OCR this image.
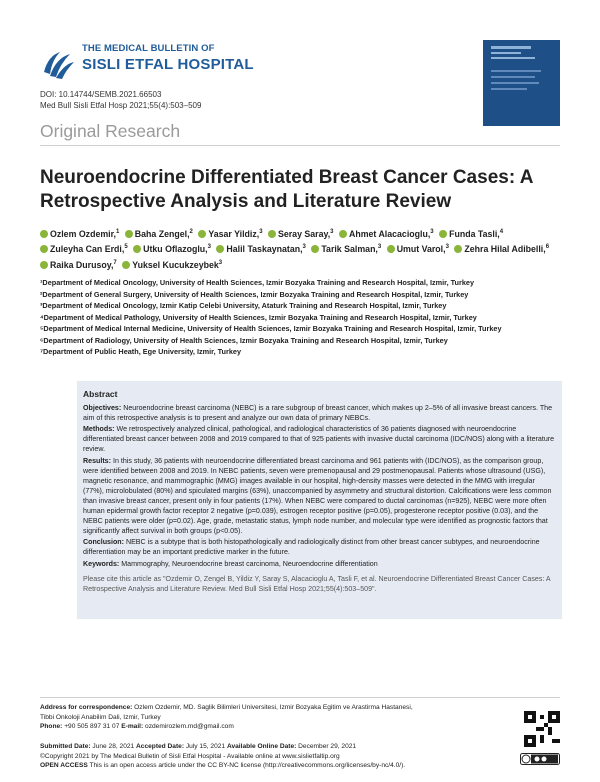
THE MEDICAL BULLETIN OF
SISLI ETFAL HOSPITAL
DOI: 10.14744/SEMB.2021.66503
Med Bull Sisli Etfal Hosp 2021;55(4):503–509
Original Research
Neuroendocrine Differentiated Breast Cancer Cases: A Retrospective Analysis and Literature Review
Ozlem Ozdemir,$^1$ Baha Zengel,$^2$ Yasar Yildiz,$^3$ Seray Saray,$^3$ Ahmet Alacacioglu,$^3$ Funda Tasli,$^4$ Zuleyha Can Erdi,$^5$ Utku Oflazoglu,$^3$ Halil Taskaynatan,$^3$ Tarik Salman,$^3$ Umut Varol,$^3$ Zehra Hilal Adibelli,$^6$ Raika Durusoy,$^7$ Yuksel Kucukzeybek$^3$
¹Department of Medical Oncology, University of Health Sciences, Izmir Bozyaka Training and Research Hospital, Izmir, Turkey
²Department of General Surgery, University of Health Sciences, Izmir Bozyaka Training and Research Hospital, Izmir, Turkey
³Department of Medical Oncology, Izmir Katip Celebi University, Ataturk Training and Research Hospital, Izmir, Turkey
⁴Department of Medical Pathology, University of Health Sciences, Izmir Bozyaka Training and Research Hospital, Izmir, Turkey
⁵Department of Medical Internal Medicine, University of Health Sciences, Izmir Bozyaka Training and Research Hospital, Izmir, Turkey
⁶Department of Radiology, University of Health Sciences, Izmir Bozyaka Training and Research Hospital, Izmir, Turkey
⁷Department of Public Heath, Ege University, Izmir, Turkey

Abstract

Objectives: Neuroendocrine breast carcinoma (NEBC) is a rare subgroup of breast cancer, which makes up 2–5% of all invasive breast cancers. The aim of this retrospective analysis is to present and analyze our own data of primary NEBCs.

Methods: We retrospectively analyzed clinical, pathological, and radiological characteristics of 36 patients diagnosed with neuroendocrine differentiated breast cancer between 2008 and 2019 compared to that of 925 patients with invasive ductal carcinoma (IDC/NOS) along with a literature review.

Results: In this study, 36 patients with neuroendocrine differentiated breast carcinoma and 961 patients with (IDC/NOS), as the comparison group, were identified between 2008 and 2019. In NEBC patients, seven were premenopausal and 29 postmenopausal. Patients whose ultrasound (USG), magnetic resonance, and mammographic (MMG) images available in our hospital, high-density masses were detected in the MMG with irregular (77%), microlobulated (80%) and spiculated margins (63%), unaccompanied by asymmetry and structural distortion. Calcifications were less common than invasive breast cancer, present only in four patients (17%). When NEBC were compared to ductal carcinomas (n=925), NEBC were more often human epidermal growth factor receptor 2 negative (p=0.039), estrogen receptor positive (p=0.05), progesterone receptor positive (0.03), and the NEBC patients were older (p=0.02). Age, grade, metastatic status, lymph node number, and molecular type were identified as prognostic factors that significantly affect survival in both groups (p<0.05).

Conclusion: NEBC is a subtype that is both histopathologically and radiologically distinct from other breast cancer subtypes, and neuroendocrine differentiation may be an important predictive marker in the future.

Keywords: Mammography, Neuroendocrine breast carcinoma, Neuroendocrine differentiation

Please cite this article as "Ozdemir O, Zengel B, Yildiz Y, Saray S, Alacacioglu A, Tasli F, et al. Neuroendocrine Differentiated Breast Cancer Cases: A Retrospective Analysis and Literature Review. Med Bull Sisli Etfal Hosp 2021;55(4):503–509".

Address for correspondence: Ozlem Ozdemir, MD. Saglik Bilimleri Universitesi, Izmir Bozyaka Egitim ve Arastirma Hastanesi,
Tibbi Onkoloji Anabilim Dali, Izmir, Turkey
Phone: +90 505 897 31 07 E-mail: ozdemirozlem.md@gmail.com
Submitted Date: June 28, 2021 Accepted Date: July 15, 2021 Available Online Date: December 29, 2021
©Copyright 2021 by The Medical Bulletin of Sisli Etfal Hospital - Available online at www.sislietfaltip.org
OPEN ACCESS This is an open access article under the CC BY-NC license (http://creativecommons.org/licenses/by-nc/4.0/).
